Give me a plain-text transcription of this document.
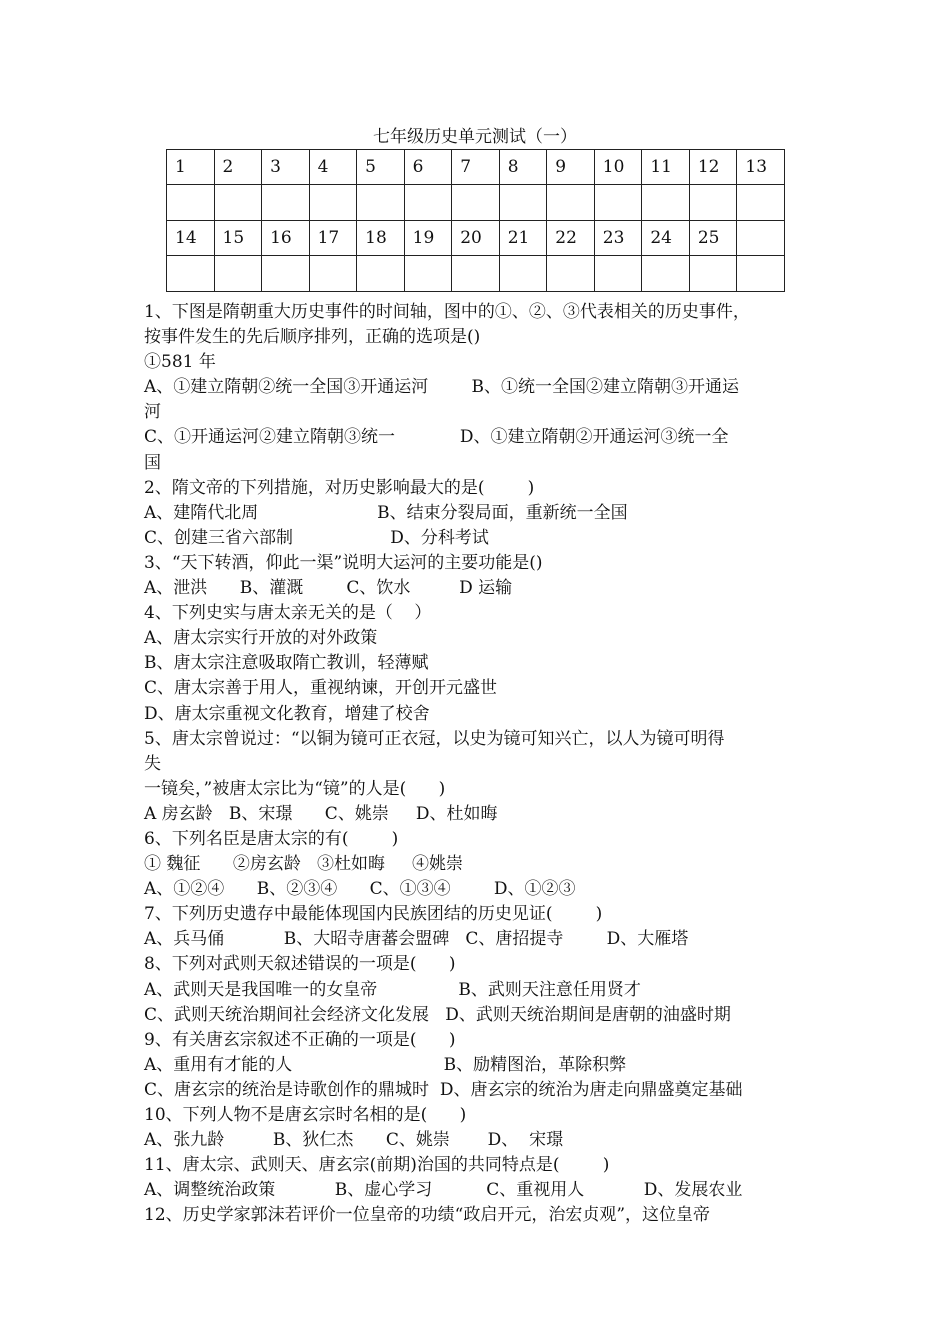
七年级历史单元测试（一）
1	2	3	4	5	6	7	8	9	10	11	12	13

14	15	16	17	18	19	20	21	22	23	24	25	

1、下图是隋朝重大历史事件的时间轴，图中的①、②、③代表相关的历史事件，
按事件发生的先后顺序排列，正确的选项是()
①581 年
A、①建立隋朝②统一全国③开通运河        B、①统一全国②建立隋朝③开通运
河
C、①开通运河②建立隋朝③统一            D、①建立隋朝②开通运河③统一全
国
2、隋文帝的下列措施，对历史影响最大的是(        )
A、建隋代北周                      B、结束分裂局面，重新统一全国
C、创建三省六部制                  D、分科考试
3、“天下转酒，仰此一渠”说明大运河的主要功能是()
A、泄洪      B、灌溉        C、饮水         D 运输
4、下列史实与唐太亲无关的是（    ）
A、唐太宗实行开放的对外政策
B、唐太宗注意吸取隋亡教训，轻薄赋
C、唐太宗善于用人，重视纳谏，开创开元盛世
D、唐太宗重视文化教育，增建了校舍
5、唐太宗曾说过：“以铜为镜可正衣冠，以史为镜可知兴亡，以人为镜可明得
失
一镜矣，”被唐太宗比为“镜”的人是(      )
A 房玄龄   B、宋璟      C、姚崇     D、杜如晦
6、下列名臣是唐太宗的有(        )
① 魏征      ②房玄龄   ③杜如晦     ④姚崇
A、①②④      B、②③④      C、①③④        D、①②③
7、下列历史遗存中最能体现国内民族团结的历史见证(        )
A、兵马俑           B、大昭寺唐蕃会盟碑   C、唐招提寺        D、大雁塔
8、下列对武则天叙述错误的一项是(      )
A、武则天是我国唯一的女皇帝               B、武则天注意任用贤才
C、武则天统治期间社会经济文化发展   D、武则天统治期间是唐朝的油盛时期
9、有关唐玄宗叙述不正确的一项是(      )
A、重用有才能的人                            B、励精图治，革除积弊
C、唐玄宗的统治是诗歌创作的鼎城时  D、唐玄宗的统治为唐走向鼎盛奠定基础
10、下列人物不是唐玄宗时名相的是(      )
A、张九龄         B、狄仁杰      C、姚崇       D、  宋璟
11、唐太宗、武则天、唐玄宗(前期)治国的共同特点是(        )
A、调整统治政策           B、虚心学习          C、重视用人           D、发展农业
12、历史学家郭沫若评价一位皇帝的功绩“政启开元，治宏贞观”，这位皇帝
